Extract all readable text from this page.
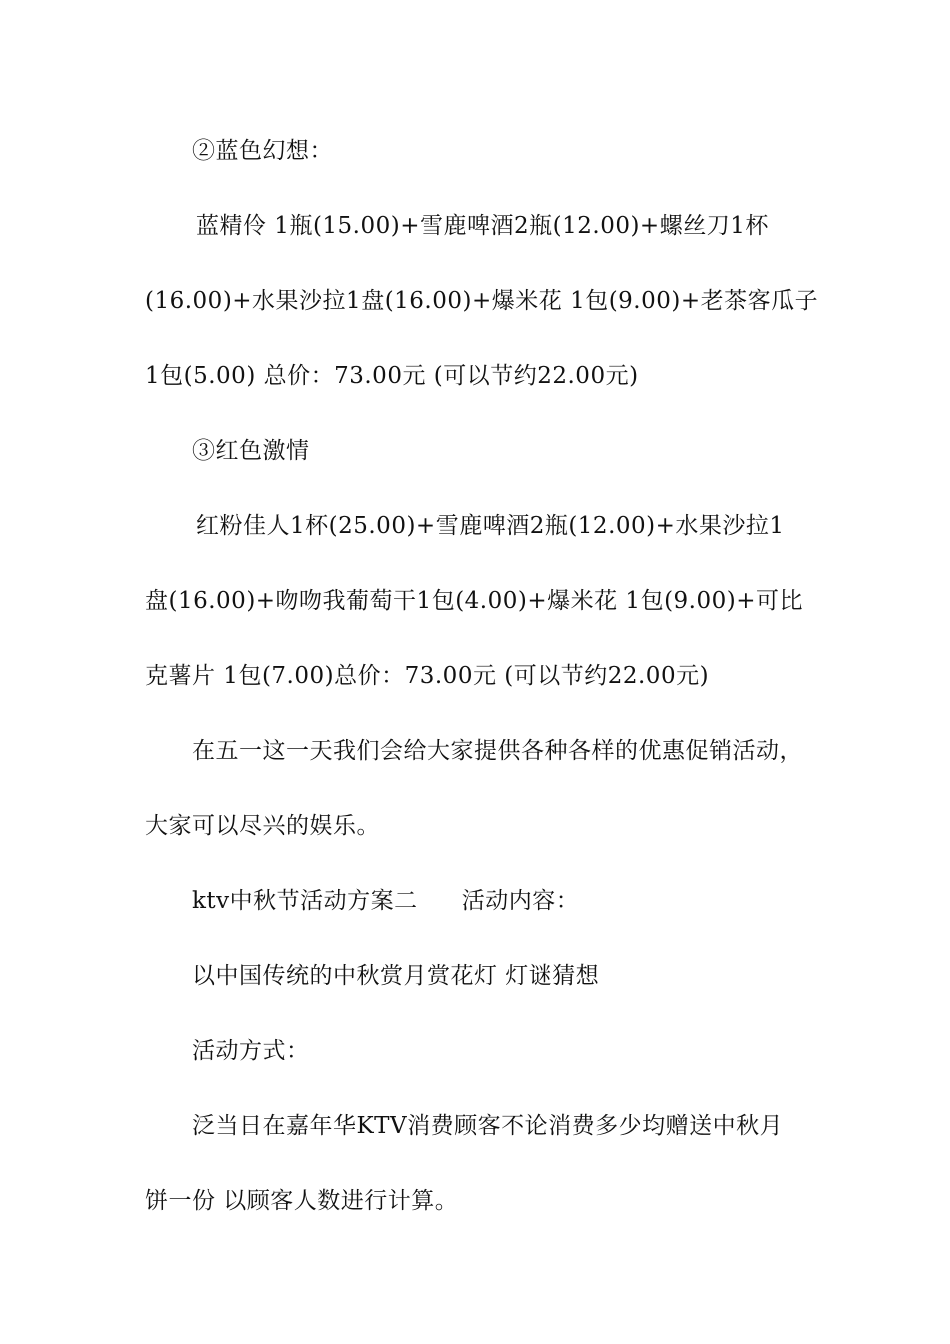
②蓝色幻想：
蓝精伶 1瓶(15.00)+雪鹿啤酒2瓶(12.00)+螺丝刀1杯
(16.00)+水果沙拉1盘(16.00)+爆米花 1包(9.00)+老茶客瓜子
1包(5.00) 总价：73.00元 (可以节约22.00元)
③红色激情
红粉佳人1杯(25.00)+雪鹿啤酒2瓶(12.00)+水果沙拉1
盘(16.00)+吻吻我葡萄干1包(4.00)+爆米花 1包(9.00)+可比
克薯片 1包(7.00)总价：73.00元 (可以节约22.00元)
在五一这一天我们会给大家提供各种各样的优惠促销活动，
大家可以尽兴的娱乐。
ktv中秋节活动方案二 活动内容：
以中国传统的中秋赏月赏花灯 灯谜猜想
活动方式：
泛当日在嘉年华KTV消费顾客不论消费多少均赠送中秋月
饼一份 以顾客人数进行计算。
